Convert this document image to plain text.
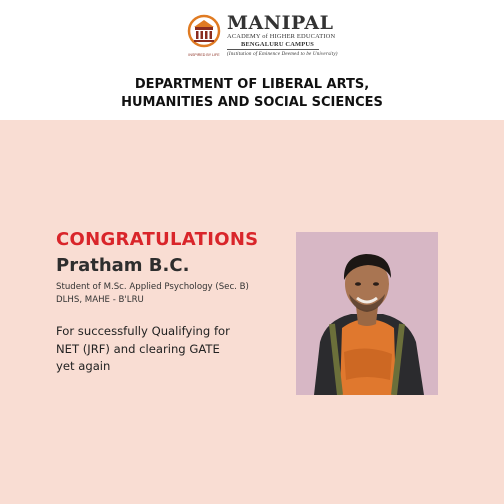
INSPIRED BY LIFE
MANIPAL
ACADEMY of HIGHER EDUCATION
BENGALURU CAMPUS
(Institution of Eminence Deemed to be University)
DEPARTMENT OF LIBERAL ARTS,
HUMANITIES AND SOCIAL SCIENCES
CONGRATULATIONS
Pratham B.C.
Student of M.Sc. Applied Psychology (Sec. B)
DLHS, MAHE - B'LRU
For successfully Qualifying for
NET (JRF) and clearing GATE
yet again
